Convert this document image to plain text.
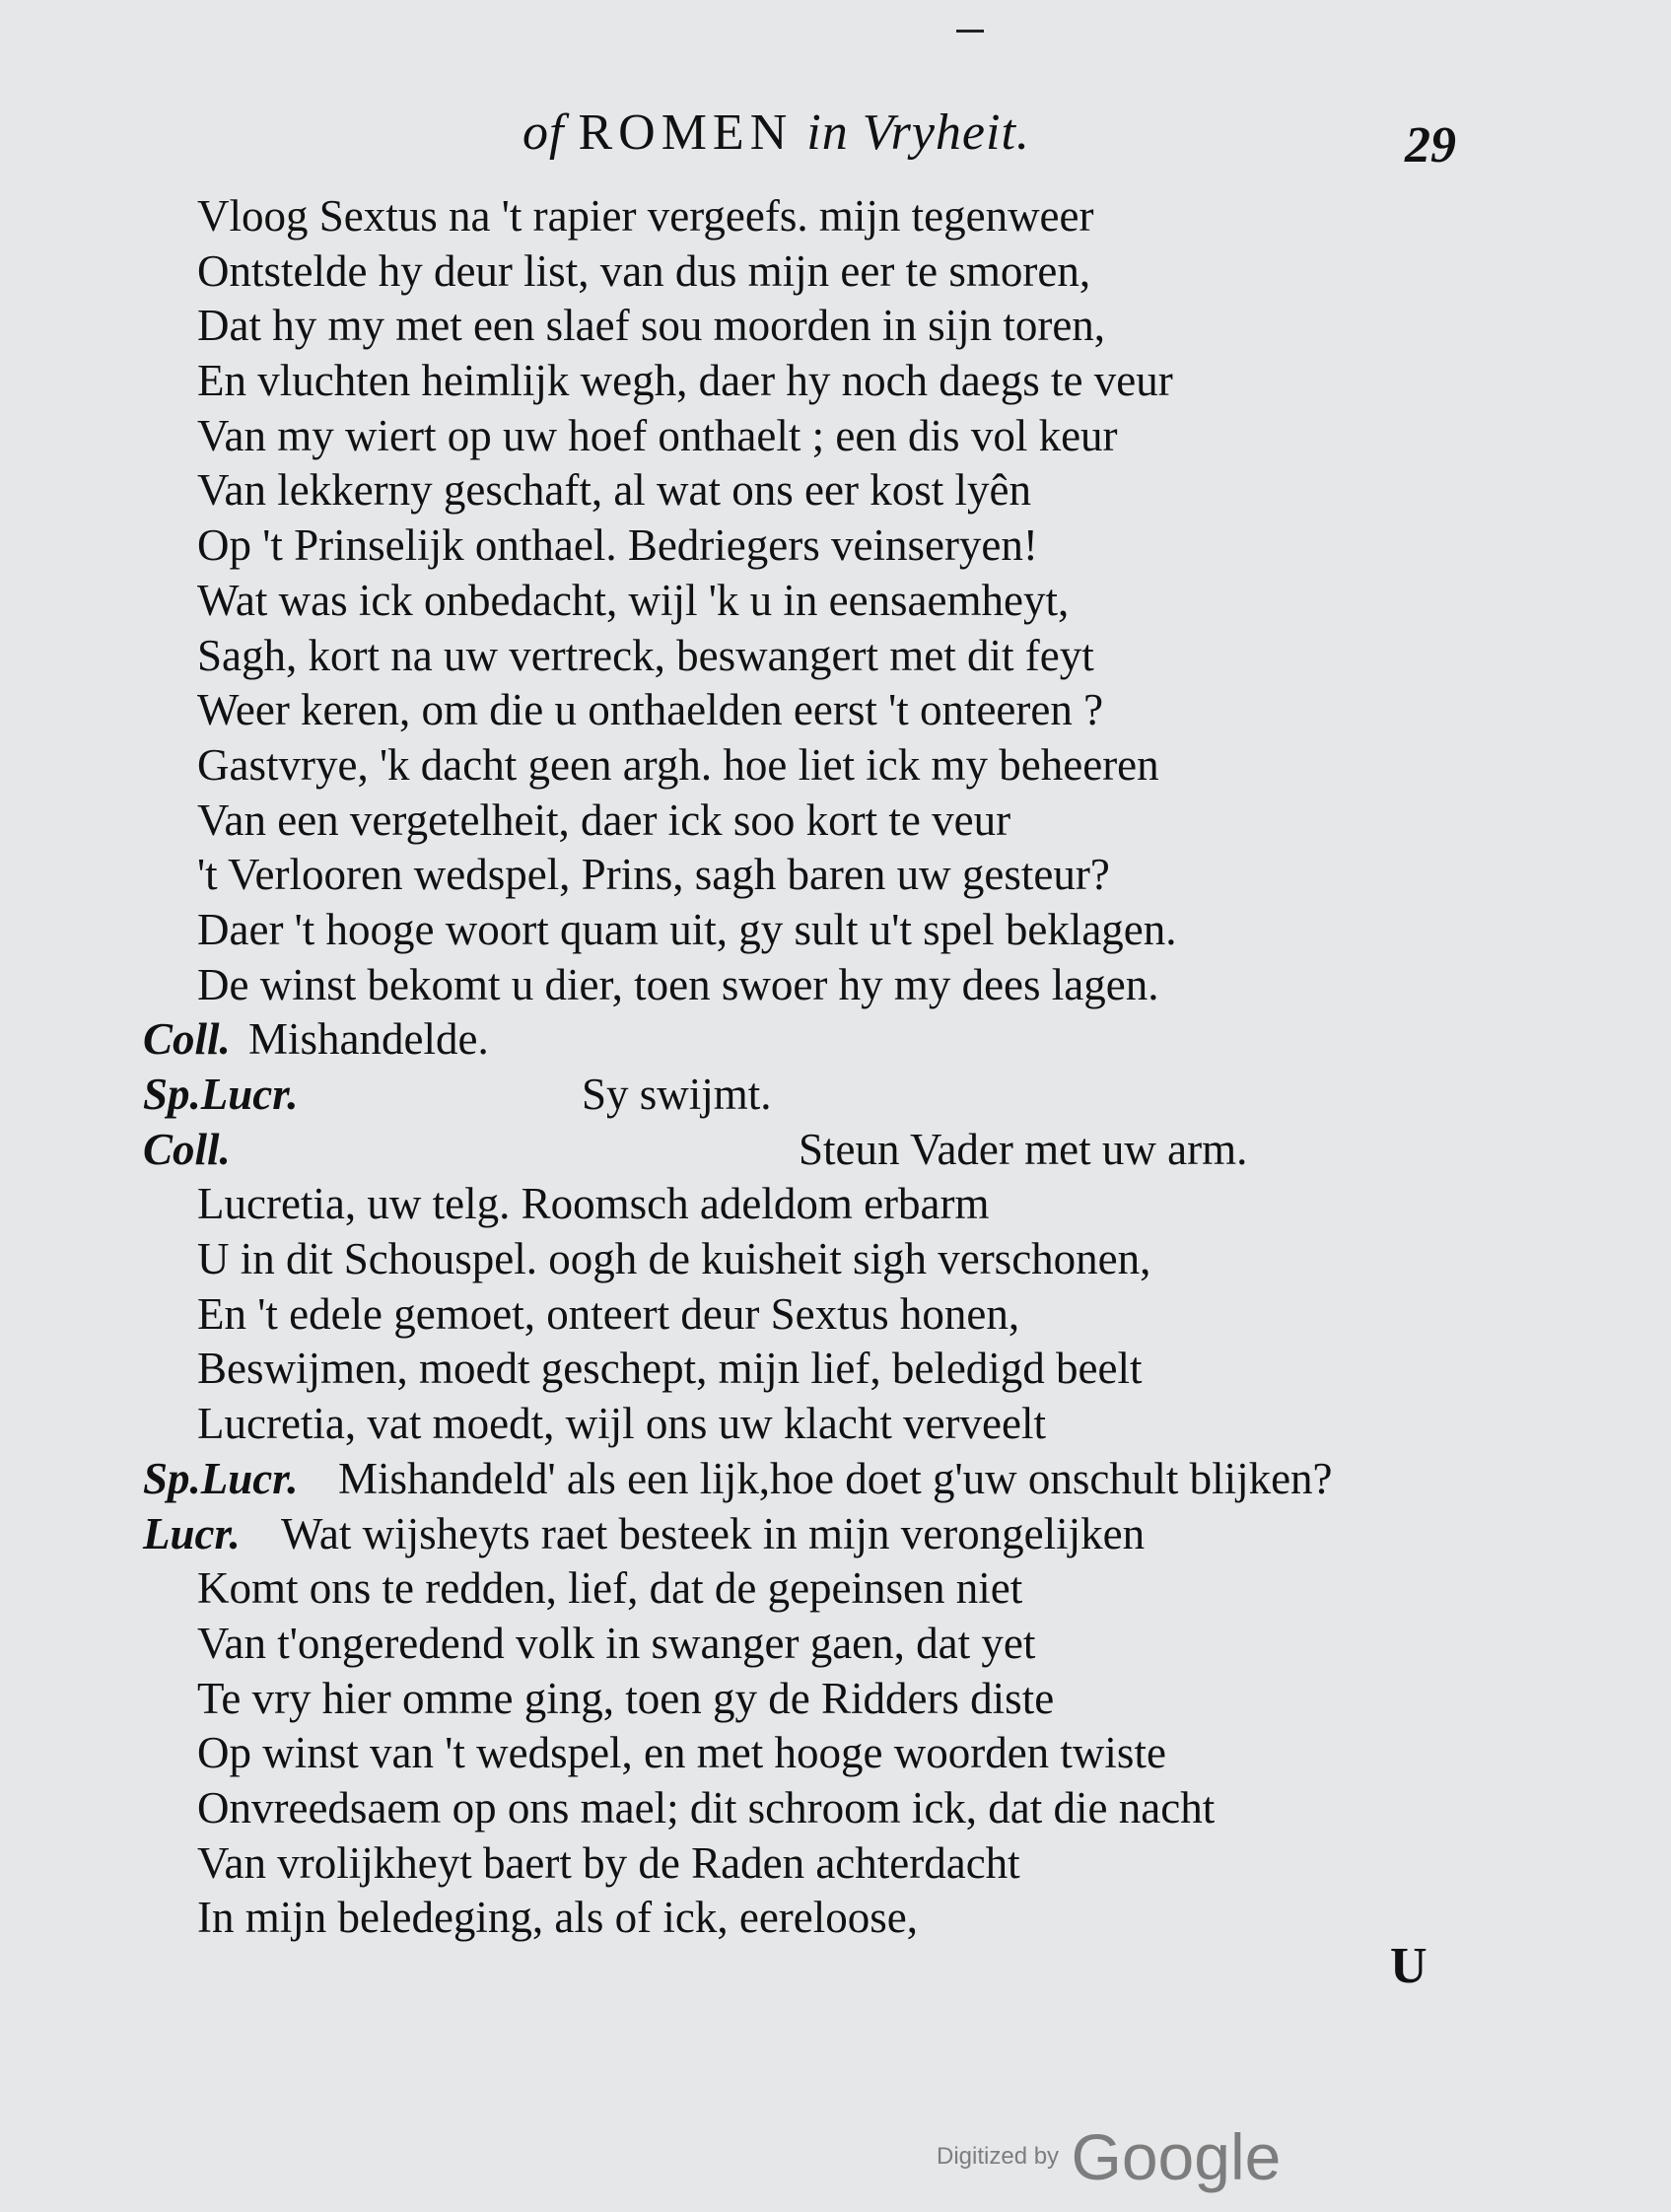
of ROMEN in Vryheit.	29
Vloog Sextus na 't rapier vergeefs. mijn tegenweer
Ontstelde hy deur list, van dus mijn eer te smoren,
Dat hy my met een slaef sou moorden in sijn toren,
En vluchten heimlijk wegh, daer hy noch daegs te veur
Van my wiert op uw hoef onthaelt ; een dis vol keur
Van lekkerny geschaft, al wat ons eer kost lyên
Op 't Prinselijk onthael. Bedriegers veinseryen!
Wat was ick onbedacht, wijl 'k u in eensaemheyt,
Sagh, kort na uw vertreck, beswangert met dit feyt
Weer keren, om die u onthaelden eerst 't onteeren ?
Gastvrye, 'k dacht geen argh. hoe liet ick my beheeren
Van een vergetelheit, daer ick soo kort te veur
't Verlooren wedspel, Prins, sagh baren uw gesteur?
Daer 't hooge woort quam uit, gy sult u't spel beklagen.
De winst bekomt u dier, toen swoer hy my dees lagen.
Coll. Mishandelde.
Sp.Lucr.	Sy swijmt.
Coll.	Steun Vader met uw arm.
Lucretia, uw telg. Roomsch adeldom erbarm
U in dit Schouspel. oogh de kuisheit sigh verschonen,
En 't edele gemoet, onteert deur Sextus honen,
Beswijmen, moedt geschept, mijn lief, beledigd beelt
Lucretia, vat moedt, wijl ons uw klacht verveelt
Sp.Lucr. Mishandeld' als een lijk,hoe doet g'uw onschult blijken?
Lucr. Wat wijsheyts raet besteek in mijn verongelijken
Komt ons te redden, lief, dat de gepeinsen niet
Van t'ongeredend volk in swanger gaen, dat yet
Te vry hier omme ging, toen gy de Ridders diste
Op winst van 't wedspel, en met hooge woorden twiste
Onvreedsaem op ons mael; dit schroom ick, dat die nacht
Van vrolijkheyt baert by de Raden achterdacht
In mijn beledeging, als of ick, eereloose,
U
Digitized by Google
